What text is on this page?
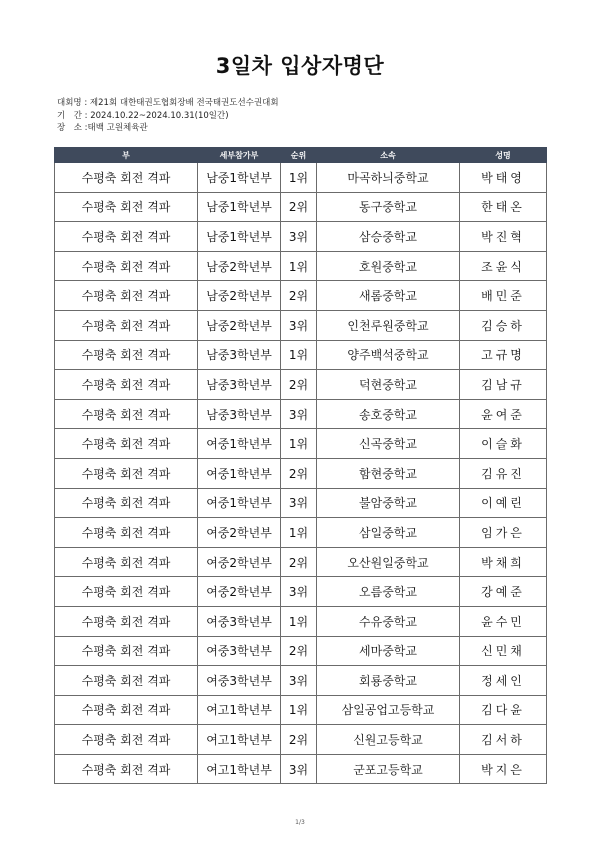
3일차 입상자명단
대회명 : 제21회 대한태권도협회장배 전국태권도선수권대회
기　간 : 2024.10.22~2024.10.31(10일간)
장　소 :태백 고원체육관
부	세부참가부	순위	소속	성명
수평축 회전 격파	남중1학년부	1위	마곡하늬중학교	박태영
수평축 회전 격파	남중1학년부	2위	동구중학교	한태온
수평축 회전 격파	남중1학년부	3위	삼승중학교	박진혁
수평축 회전 격파	남중2학년부	1위	호원중학교	조윤식
수평축 회전 격파	남중2학년부	2위	새롬중학교	배민준
수평축 회전 격파	남중2학년부	3위	인천루원중학교	김승하
수평축 회전 격파	남중3학년부	1위	양주백석중학교	고규명
수평축 회전 격파	남중3학년부	2위	덕현중학교	김남규
수평축 회전 격파	남중3학년부	3위	송호중학교	윤여준
수평축 회전 격파	여중1학년부	1위	신곡중학교	이슬화
수평축 회전 격파	여중1학년부	2위	함현중학교	김유진
수평축 회전 격파	여중1학년부	3위	불암중학교	이예린
수평축 회전 격파	여중2학년부	1위	삼일중학교	임가은
수평축 회전 격파	여중2학년부	2위	오산원일중학교	박채희
수평축 회전 격파	여중2학년부	3위	오름중학교	강예준
수평축 회전 격파	여중3학년부	1위	수유중학교	윤수민
수평축 회전 격파	여중3학년부	2위	세마중학교	신민채
수평축 회전 격파	여중3학년부	3위	회룡중학교	정세인
수평축 회전 격파	여고1학년부	1위	삼일공업고등학교	김다윤
수평축 회전 격파	여고1학년부	2위	신원고등학교	김서하
수평축 회전 격파	여고1학년부	3위	군포고등학교	박지은
1/3
